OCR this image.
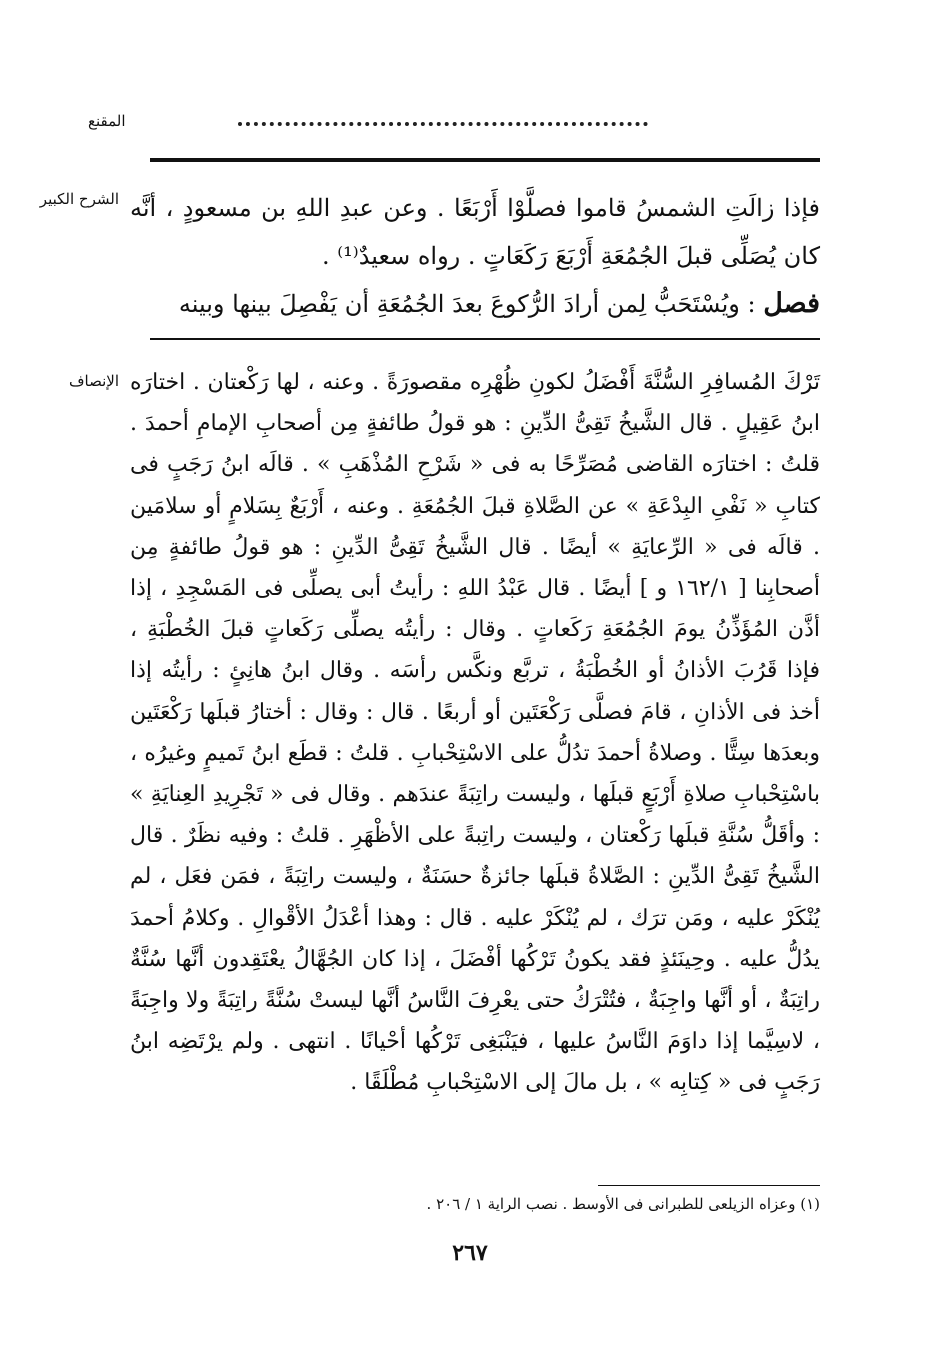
المقنع
الشرح الكبير فإذا زالَتِ الشمسُ قاموا فصلَّوْا أَرْبَعًا . وعن عبدِ اللهِ بن مسعودٍ ، أنَّه كان يُصَلِّى قبلَ الجُمُعَةِ أَرْبَعَ رَكَعَاتٍ . رواه سعيدٌ⁽¹⁾ .

فصل : ويُسْتَحَبُّ لِمن أرادَ الرُّكوعَ بعدَ الجُمُعَةِ أن يَفْصِلَ بينها وبينه

الإنصاف تَرْكَ المُسافِرِ السُّنَّةَ أَفْضَلُ لكونِ ظُهْرِه مقصورَةً . وعنه ، لها رَكْعتان . اختارَه ابنُ عَقِيلٍ . قال الشَّيخُ تَقِىُّ الدِّينِ : هو قولُ طائفةٍ مِن أصحابِ الإمامِ أحمدَ . قلتُ : اختارَه القاضى مُصَرِّحًا به فى « شَرْحِ المُذْهَبِ » . قالَه ابنُ رَجَبٍ فى كتابِ « نَفْىِ البِدْعَةِ » عن الصَّلاةِ قبلَ الجُمُعَةِ . وعنه ، أَرْبَعٌ بِسَلامٍ أو سلامَين . قالَه فى « الرِّعايَةِ » أيضًا . قال الشَّيخُ تَقِىُّ الدِّينِ : هو قولُ طائفةٍ مِن أصحابِنا [ ١٦٢/١ و ] أيضًا . قال عَبْدُ اللهِ : رأيتُ أبى يصلِّى فى المَسْجِدِ ، إذا أذَّن المُؤَذِّنُ يومَ الجُمُعَةِ رَكَعاتٍ . وقال : رأيتُه يصلِّى رَكَعاتٍ قبلَ الخُطْبَةِ ، فإذا قَرُبَ الأذانُ أو الخُطْبَةُ ، تربَّع ونكَّس رأسَه . وقال ابنُ هانِئٍ : رأيتُه إذا أخذ فى الأذانِ ، قامَ فصلَّى رَكْعَتَين أو أربعًا . قال : وقال : أختارُ قبلَها رَكْعَتَين وبعدَها سِتًّا . وصلاةُ أحمدَ تدُلُّ على الاسْتِحْبابِ . قلتُ : قطَع ابنُ تَميمٍ وغيرُه ، باسْتِحْبابِ صلاةِ أَرْبَعٍ قبلَها ، وليست راتِبَةً عندَهم . وقال فى « تَجْرِيدِ العِنايَةِ » : وأقَلُّ سُنَّةِ قبلَها رَكْعتان ، وليست راتِبةً على الأظْهَرِ . قلتُ : وفيه نظَرٌ . قال الشَّيخُ تَقِىُّ الدِّينِ : الصَّلاةُ قبلَها جائزةٌ حسَنَةٌ ، وليست راتِبَةً ، فمَن فعَل ، لم يُنْكَرْ عليه ، ومَن ترَك ، لم يُنْكَرْ عليه . قال : وهذا أعْدَلُ الأقْوالِ . وكلامُ أحمدَ يدُلُّ عليه . وحِينَئذٍ فقد يكونُ تَرْكُها أفْضَلَ ، إذا كان الجُهَّالُ يعْتَقِدون أنَّها سُنَّةٌ راتِبَةٌ ، أو أنَّها واجِبَةٌ ، فتُتْرَكُ حتى يعْرِفَ النَّاسُ أنَّها ليستْ سُنَّةً راتِبَةً ولا واجِبَةً ، لاسِيَّما إذا داوَمَ النَّاسُ عليها ، فيَنْبَغِى تَرْكُها أحْيانًا . انتهى . ولم يرْتَضِه ابنُ رَجَبٍ فى « كِتابِه » ، بل مالَ إلى الاسْتِحْبابِ مُطْلَقًا .

(١) وعزاه الزيلعى للطبرانى فى الأوسط . نصب الراية ١ / ٢٠٦ .
٢٦٧
